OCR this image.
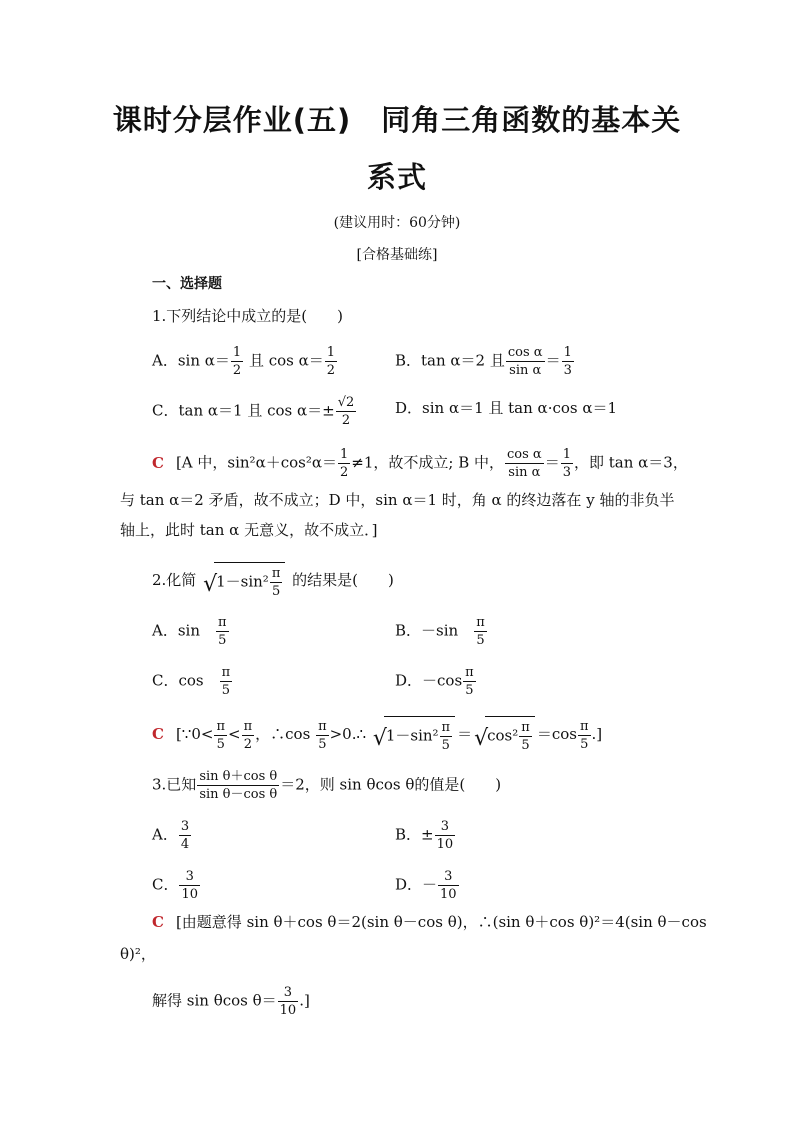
课时分层作业(五)　同角三角函数的基本关
系式
(建议用时：60分钟)
[合格基础练]
一、选择题
1.下列结论中成立的是(　　)
A．$\sin \alpha= \frac{1}{2}$ 且 $\cos \alpha= \frac{1}{2}$	B．tan α＝2 且 $\frac{\text{cos α}}{\text{sin α}} = \frac{1}{3}$
C．tan α＝1 且 $\cos \alpha=\pm \frac{√2}{2}$	D．sin α＝1 且 tan α·cos α＝1
C [A 中，$\sin^2\alpha+\cos^2\alpha= \frac{1}{2} \ne 1$，故不成立; B 中， $\frac{\text{cos α}}{\text{sin α}} = \frac{1}{3}$ ，即 tan α＝3，
与 tan α＝2 矛盾，故不成立；D 中，sin α＝1 时，角 α 的终边落在 y 轴的非负半
轴上，此时 tan α 无意义，故不成立．]
2.化简 √
$1-\sin^2 \frac{\pi}{5}$ 的结果是(　　)
A．sin　 $\frac{\pi}{5}$	B．－sin　 $\frac{\pi}{5}$
C．cos　 $\frac{\pi}{5}$	D．$-\cos \frac{\pi}{5}$
C [∵0< $\frac{\pi}{5} < \frac{\pi}{2}$ ，∴cos $\frac{\pi}{5}$ >0.∴ √
$1-\sin^2 \frac{\pi}{5}$ ＝ √
$\cos^2 \frac{\pi}{5} =\cos \frac{\pi}{5}$ .]
3.已知 $\frac{\text{sin θ＋cos θ}}{\text{sin θ－cos θ}} =2$，则 sin θcos θ的值是(　　)
A． $\frac{3}{4}$	B．± $\frac{3}{10}$
C． $\frac{3}{10}$	D．－ $\frac{3}{10}$
C [由题意得 sin θ＋cos θ＝2(sin θ－cos θ)，∴(sin θ＋cos θ)²＝4(sin θ－cos
θ)²，
解得 sin θcos $\theta= \frac{3}{10}$ .]
